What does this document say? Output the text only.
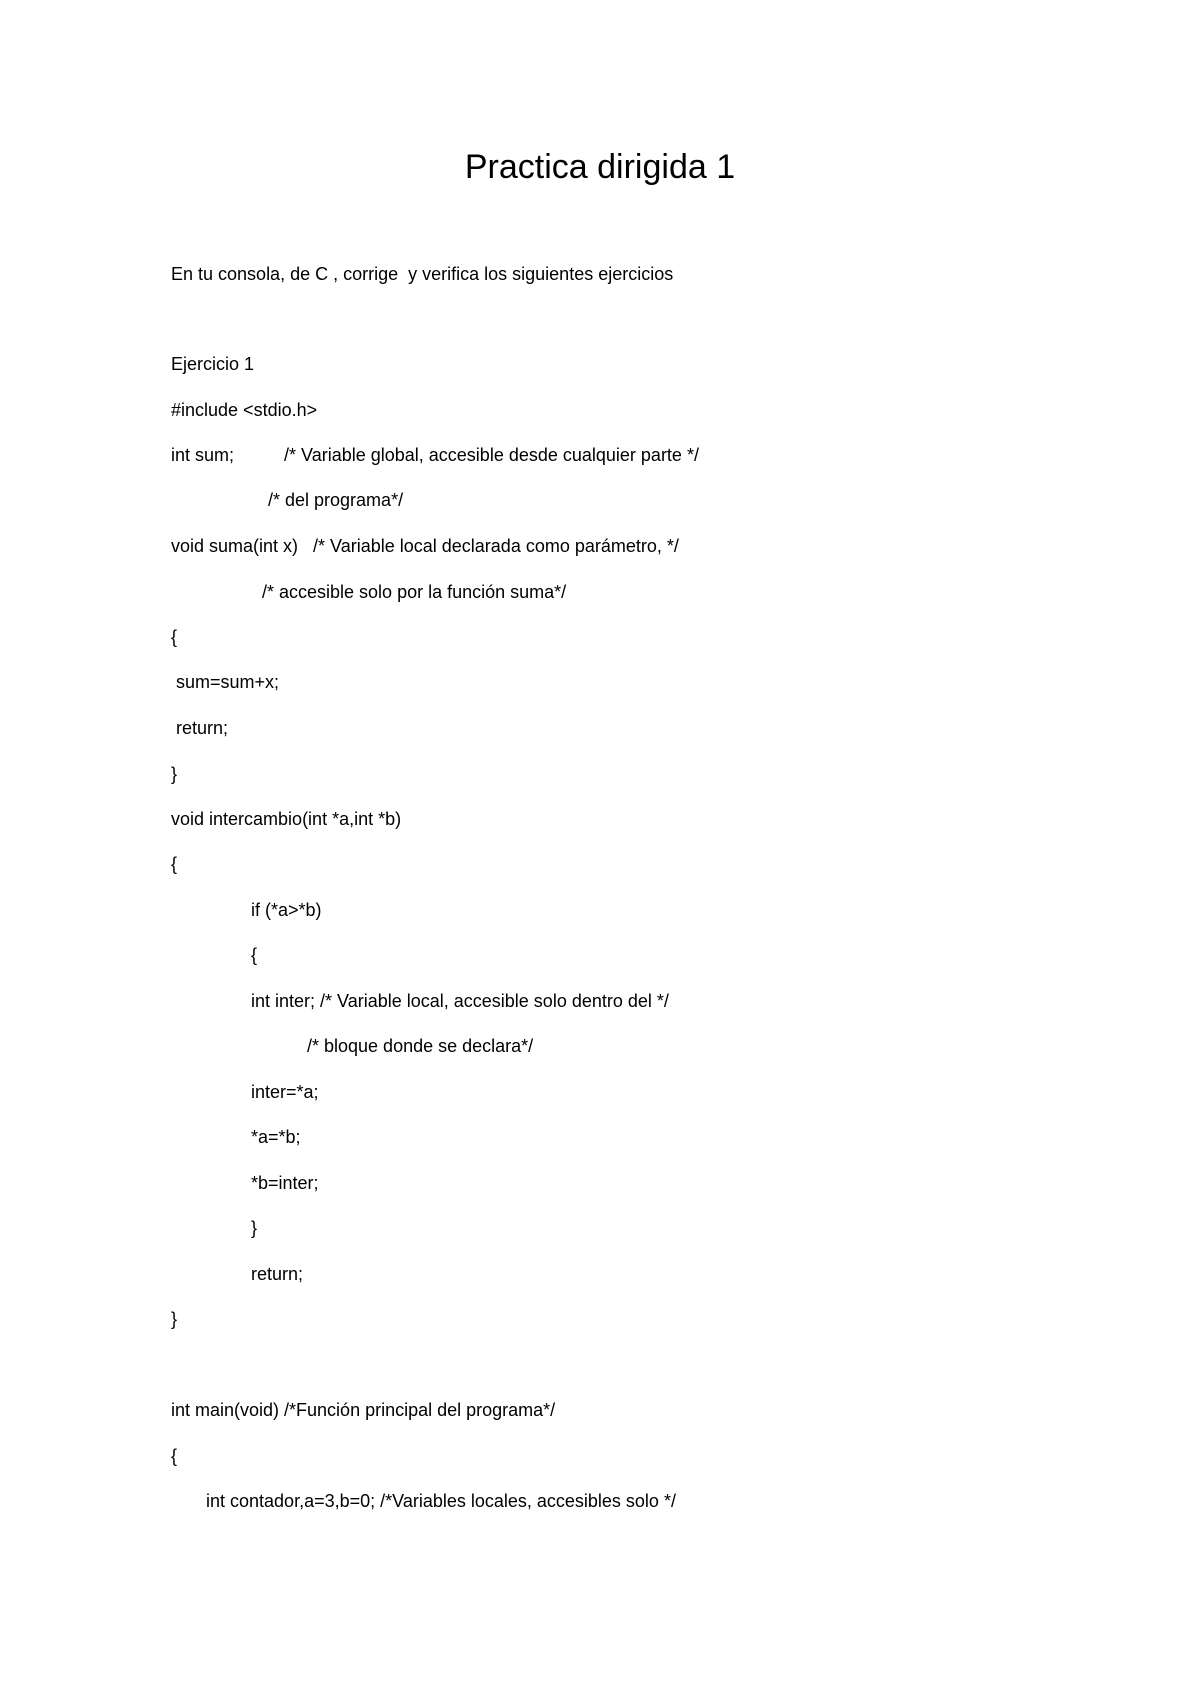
Practica dirigida 1
En tu consola, de C , corrige  y verifica los siguientes ejercicios
Ejercicio 1
#include <stdio.h>
int sum;          /* Variable global, accesible desde cualquier parte */
/* del programa*/
void suma(int x)   /* Variable local declarada como parámetro, */
/* accesible solo por la función suma*/
{
sum=sum+x;
return;
}
void intercambio(int *a,int *b)
{
if (*a>*b)
{
int inter; /* Variable local, accesible solo dentro del */
/* bloque donde se declara*/
inter=*a;
*a=*b;
*b=inter;
}
return;
}
int main(void) /*Función principal del programa*/
{
int contador,a=3,b=0; /*Variables locales, accesibles solo */
